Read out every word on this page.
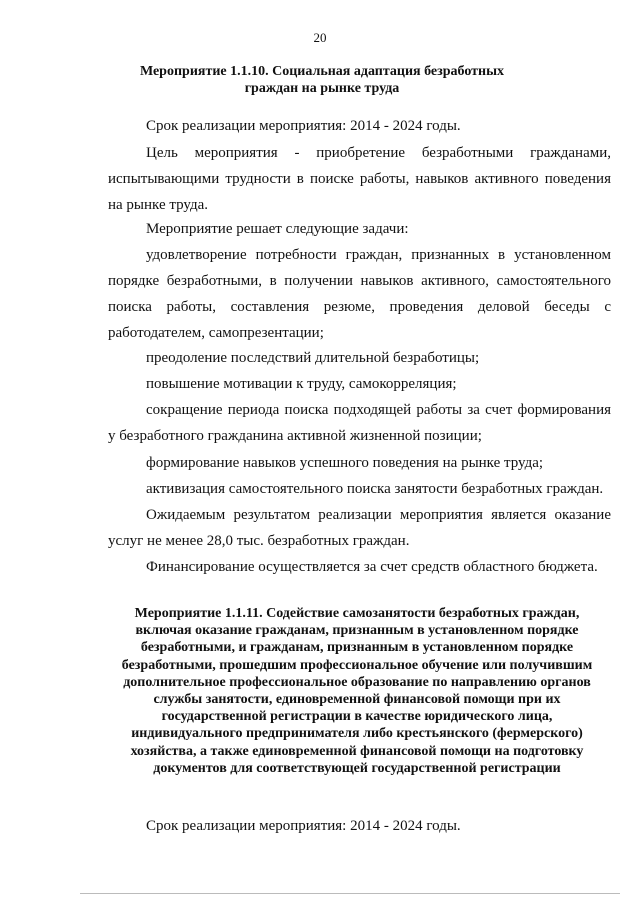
20
Мероприятие 1.1.10. Социальная адаптация безработных граждан на рынке труда

Срок реализации мероприятия: 2014 - 2024 годы.

Цель мероприятия - приобретение безработными гражданами, испытывающими трудности в поиске работы, навыков активного поведения на рынке труда.

Мероприятие решает следующие задачи:

удовлетворение потребности граждан, признанных в установленном порядке безработными, в получении навыков активного, самостоятельного поиска работы, составления резюме, проведения деловой беседы с работодателем, самопрезентации;

преодоление последствий длительной безработицы;

повышение мотивации к труду, самокорреляция;

сокращение периода поиска подходящей работы за счет формирования у безработного гражданина активной жизненной позиции;

формирование навыков успешного поведения на рынке труда;

активизация самостоятельного поиска занятости безработных граждан.

Ожидаемым результатом реализации мероприятия является оказание услуг не менее 28,0 тыс. безработных граждан.

Финансирование осуществляется за счет средств областного бюджета.

Мероприятие 1.1.11. Содействие самозанятости безработных граждан, включая оказание гражданам, признанным в установленном порядке безработными, и гражданам, признанным в установленном порядке безработными, прошедшим профессиональное обучение или получившим дополнительное профессиональное образование по направлению органов службы занятости, единовременной финансовой помощи при их государственной регистрации в качестве юридического лица, индивидуального предпринимателя либо крестьянского (фермерского) хозяйства, а также единовременной финансовой помощи на подготовку документов для соответствующей государственной регистрации

Срок реализации мероприятия: 2014 - 2024 годы.
